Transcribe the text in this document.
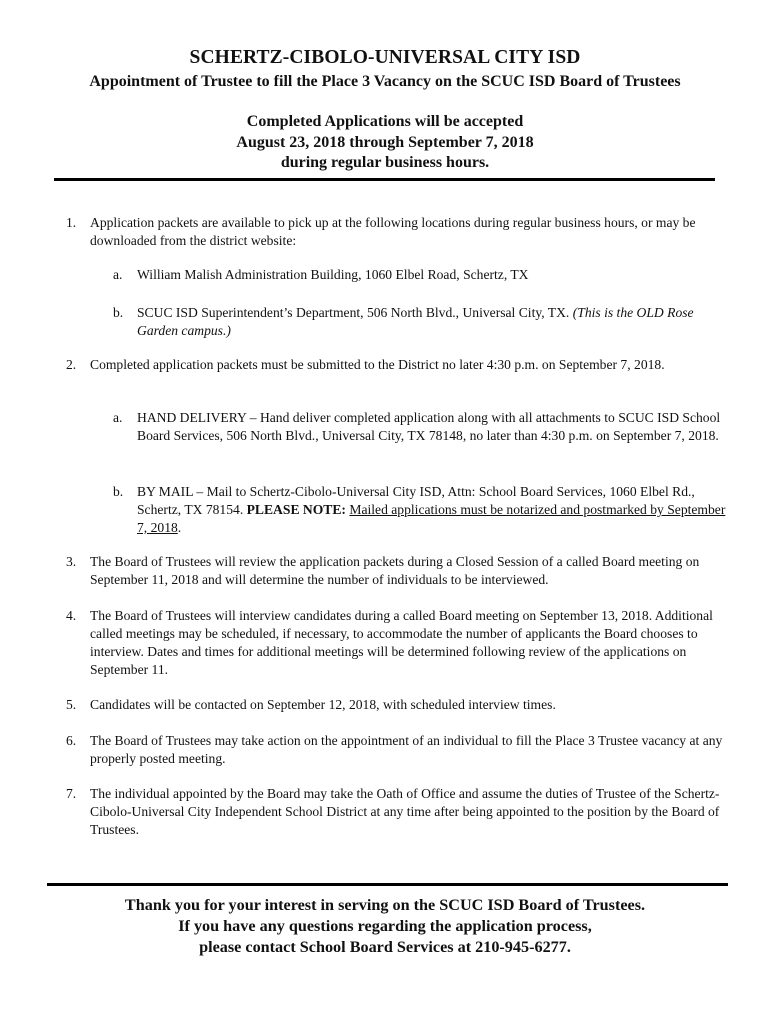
SCHERTZ-CIBOLO-UNIVERSAL CITY ISD
Appointment of Trustee to fill the Place 3 Vacancy on the SCUC ISD Board of Trustees
Completed Applications will be accepted
August 23, 2018 through September 7, 2018
during regular business hours.
1. Application packets are available to pick up at the following locations during regular business hours, or may be downloaded from the district website:
a. William Malish Administration Building, 1060 Elbel Road, Schertz, TX
b. SCUC ISD Superintendent’s Department, 506 North Blvd., Universal City, TX. (This is the OLD Rose Garden campus.)
2. Completed application packets must be submitted to the District no later 4:30 p.m. on September 7, 2018.
a. HAND DELIVERY – Hand deliver completed application along with all attachments to SCUC ISD School Board Services, 506 North Blvd., Universal City, TX 78148, no later than 4:30 p.m. on September 7, 2018.
b. BY MAIL – Mail to Schertz-Cibolo-Universal City ISD, Attn: School Board Services, 1060 Elbel Rd., Schertz, TX 78154. PLEASE NOTE: Mailed applications must be notarized and postmarked by September 7, 2018.
3. The Board of Trustees will review the application packets during a Closed Session of a called Board meeting on September 11, 2018 and will determine the number of individuals to be interviewed.
4. The Board of Trustees will interview candidates during a called Board meeting on September 13, 2018. Additional called meetings may be scheduled, if necessary, to accommodate the number of applicants the Board chooses to interview. Dates and times for additional meetings will be determined following review of the applications on September 11.
5. Candidates will be contacted on September 12, 2018, with scheduled interview times.
6. The Board of Trustees may take action on the appointment of an individual to fill the Place 3 Trustee vacancy at any properly posted meeting.
7. The individual appointed by the Board may take the Oath of Office and assume the duties of Trustee of the Schertz-Cibolo-Universal City Independent School District at any time after being appointed to the position by the Board of Trustees.
Thank you for your interest in serving on the SCUC ISD Board of Trustees.
If you have any questions regarding the application process,
please contact School Board Services at 210-945-6277.
